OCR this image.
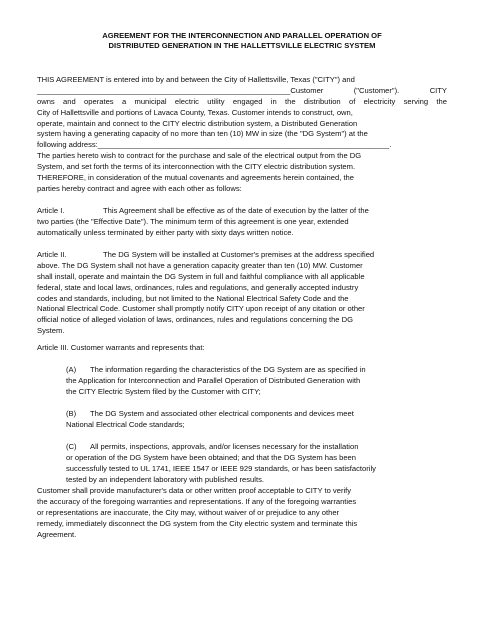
AGREEMENT FOR THE INTERCONNECTION AND PARALLEL OPERATION OF
DISTRIBUTED GENERATION IN THE HALLETTSVILLE ELECTRIC SYSTEM
THIS AGREEMENT is entered into by and between the City of Hallettsville, Texas ("CITY") and
____________________________________________________________Customer ("Customer"). CITY
owns and operates a municipal electric utility engaged in the distribution of electricity serving the
City of Hallettsville and portions of Lavaca County, Texas. Customer intends to construct, own,
operate, maintain and connect to the CITY electric distribution system, a Distributed Generation
system having a generating capacity of no more than ten (10) MW in size (the "DG System") at the
following address:_____________________________________________________________________.
The parties hereto wish to contract for the purchase and sale of the electrical output from the DG
System, and set forth the terms of its interconnection with the CITY electric distribution system.
THEREFORE, in consideration of the mutual covenants and agreements herein contained, the
parties hereby contract and agree with each other as follows:
Article I.	This Agreement shall be effective as of the date of execution by the latter of the
two parties (the "Effective Date"). The minimum term of this agreement is one year, extended
automatically unless terminated by either party with sixty days written notice.
Article II.	The DG System will be installed at Customer's premises at the address specified
above. The DG System shall not have a generation capacity greater than ten (10) MW. Customer
shall install, operate and maintain the DG System in full and faithful compliance with all applicable
federal, state and local laws, ordinances, rules and regulations, and generally accepted industry
codes and standards, including, but not limited to the National Electrical Safety Code and the
National Electrical Code. Customer shall promptly notify CITY upon receipt of any citation or other
official notice of alleged violation of laws, ordinances, rules and regulations concerning the DG
System.
Article III. Customer warrants and represents that:
(A) The information regarding the characteristics of the DG System are as specified in
the Application for Interconnection and Parallel Operation of Distributed Generation with
the CITY Electric System filed by the Customer with CITY;
(B) The DG System and associated other electrical components and devices meet
National Electrical Code standards;
(C) All permits, inspections, approvals, and/or licenses necessary for the installation
or operation of the DG System have been obtained; and that the DG System has been
successfully tested to UL 1741, IEEE 1547 or IEEE 929 standards, or has been satisfactorily
tested by an independent laboratory with published results.
Customer shall provide manufacturer's data or other written proof acceptable to CITY to verify
the accuracy of the foregoing warranties and representations. If any of the foregoing warranties
or representations are inaccurate, the City may, without waiver of or prejudice to any other
remedy, immediately disconnect the DG system from the City electric system and terminate this
Agreement.
